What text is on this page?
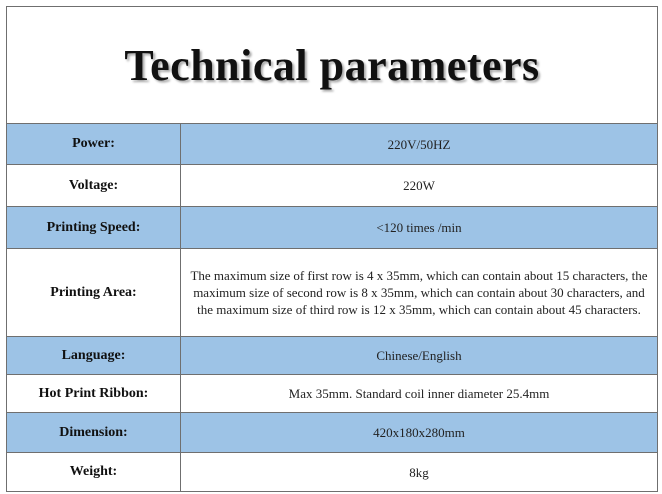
Technical parameters
Power:	220V/50HZ
Voltage:	220W
Printing Speed:	<120 times /min
Printing Area:
The maximum size of first row is 4 x 35mm, which can contain about 15 characters, the maximum size of second row is 8 x 35mm, which can contain about 30 characters, and the maximum size of third row is 12 x 35mm, which can contain about 45 characters.
Language:	Chinese/English
Hot Print Ribbon:	Max 35mm. Standard coil inner diameter 25.4mm
Dimension:	420x180x280mm
Weight:	8kg
